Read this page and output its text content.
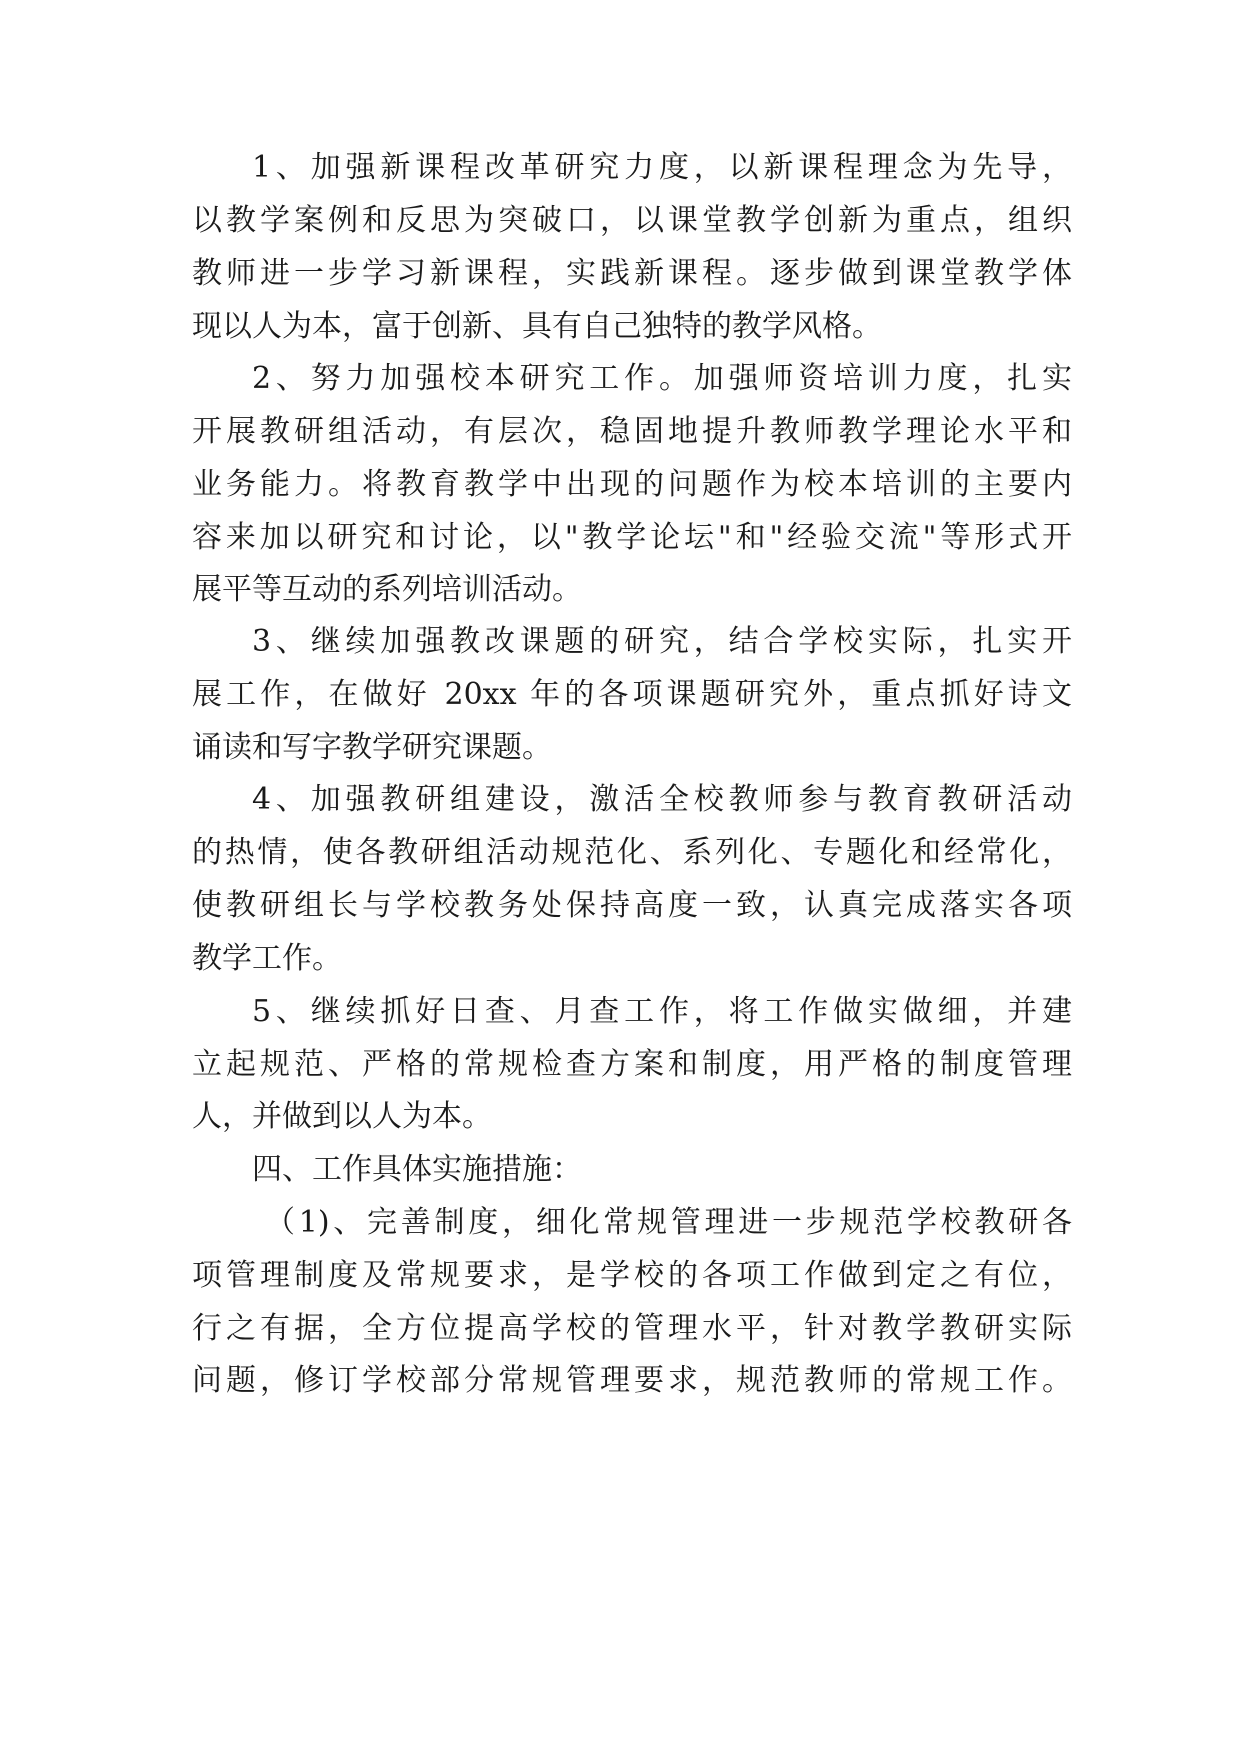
1、加强新课程改革研究力度，以新课程理念为先导，

以教学案例和反思为突破口，以课堂教学创新为重点，组织

教师进一步学习新课程，实践新课程。逐步做到课堂教学体

现以人为本，富于创新、具有自己独特的教学风格。

2、努力加强校本研究工作。加强师资培训力度，扎实

开展教研组活动，有层次，稳固地提升教师教学理论水平和

业务能力。将教育教学中出现的问题作为校本培训的主要内

容来加以研究和讨论，以"教学论坛"和"经验交流"等形式开

展平等互动的系列培训活动。

3、继续加强教改课题的研究，结合学校实际，扎实开

展工作，在做好 20xx 年的各项课题研究外，重点抓好诗文

诵读和写字教学研究课题。

4、加强教研组建设，激活全校教师参与教育教研活动

的热情，使各教研组活动规范化、系列化、专题化和经常化，

使教研组长与学校教务处保持高度一致，认真完成落实各项

教学工作。

5、继续抓好日查、月查工作，将工作做实做细，并建

立起规范、严格的常规检查方案和制度，用严格的制度管理

人，并做到以人为本。

四、工作具体实施措施：

（1)、完善制度，细化常规管理进一步规范学校教研各

项管理制度及常规要求，是学校的各项工作做到定之有位，

行之有据，全方位提高学校的管理水平，针对教学教研实际

问题，修订学校部分常规管理要求，规范教师的常规工作。
